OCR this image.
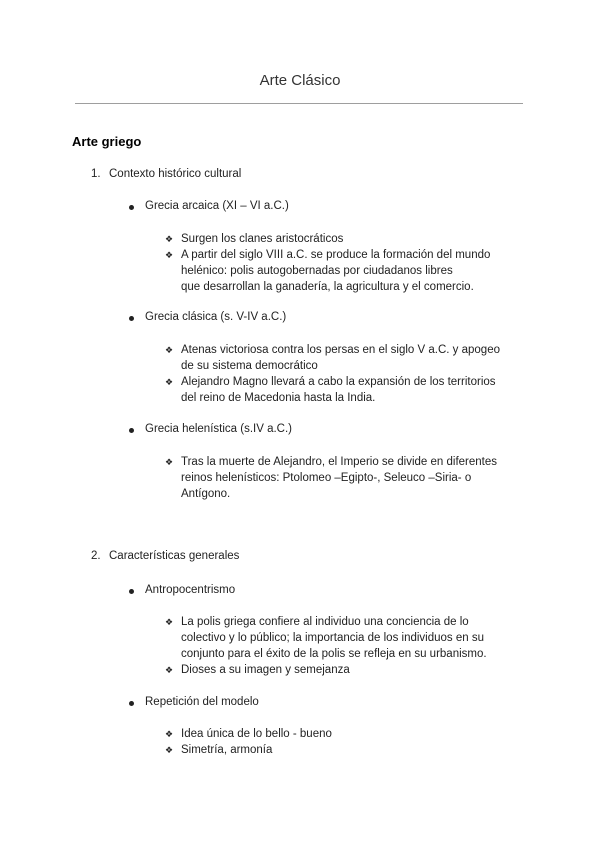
Arte Clásico
Arte griego
1. Contexto histórico cultural
Grecia arcaica (XI – VI a.C.)
❖ Surgen los clanes aristocráticos
❖ A partir del siglo VIII a.C. se produce la formación del mundo
helénico: polis autogobernadas por ciudadanos libres
que desarrollan la ganadería, la agricultura y el comercio.
Grecia clásica (s. V-IV a.C.)
❖ Atenas victoriosa contra los persas en el siglo V a.C. y apogeo
de su sistema democrático
❖ Alejandro Magno llevará a cabo la expansión de los territorios
del reino de Macedonia hasta la India.
Grecia helenística (s.IV a.C.)
❖ Tras la muerte de Alejandro, el Imperio se divide en diferentes
reinos helenísticos: Ptolomeo –Egipto-, Seleuco –Siria- o
Antígono.
2. Características generales
Antropocentrismo
❖ La polis griega confiere al individuo una conciencia de lo
colectivo y lo público; la importancia de los individuos en su
conjunto para el éxito de la polis se refleja en su urbanismo.
❖ Dioses a su imagen y semejanza
Repetición del modelo
❖ Idea única de lo bello - bueno
❖ Simetría, armonía
